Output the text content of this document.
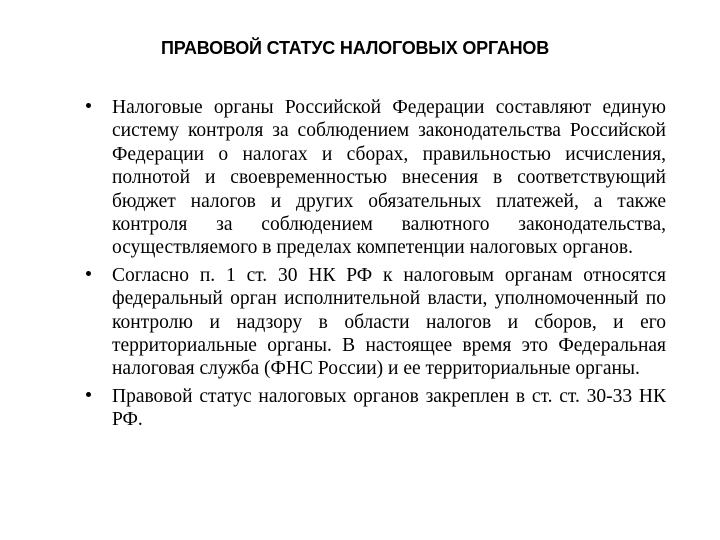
ПРАВОВОЙ СТАТУС НАЛОГОВЫХ ОРГАНОВ
Налоговые органы Российской Федерации составляют единую систему контроля за соблюдением законодательства Российской Федерации о налогах и сборах, правильностью исчисления, полнотой и своевременностью внесения в соответствующий бюджет налогов и других обязательных платежей, а также контроля за соблюдением валютного законодательства, осуществляемого в пределах компетенции налоговых органов.
Согласно п. 1 ст. 30 НК РФ к налоговым органам относятся федеральный орган исполнительной власти, уполномоченный по контролю и надзору в области налогов и сборов, и его территориальные органы. В настоящее время это Федеральная налоговая служба (ФНС России) и ее территориальные органы.
Правовой статус налоговых органов закреплен в ст. ст. 30-33 НК РФ.
